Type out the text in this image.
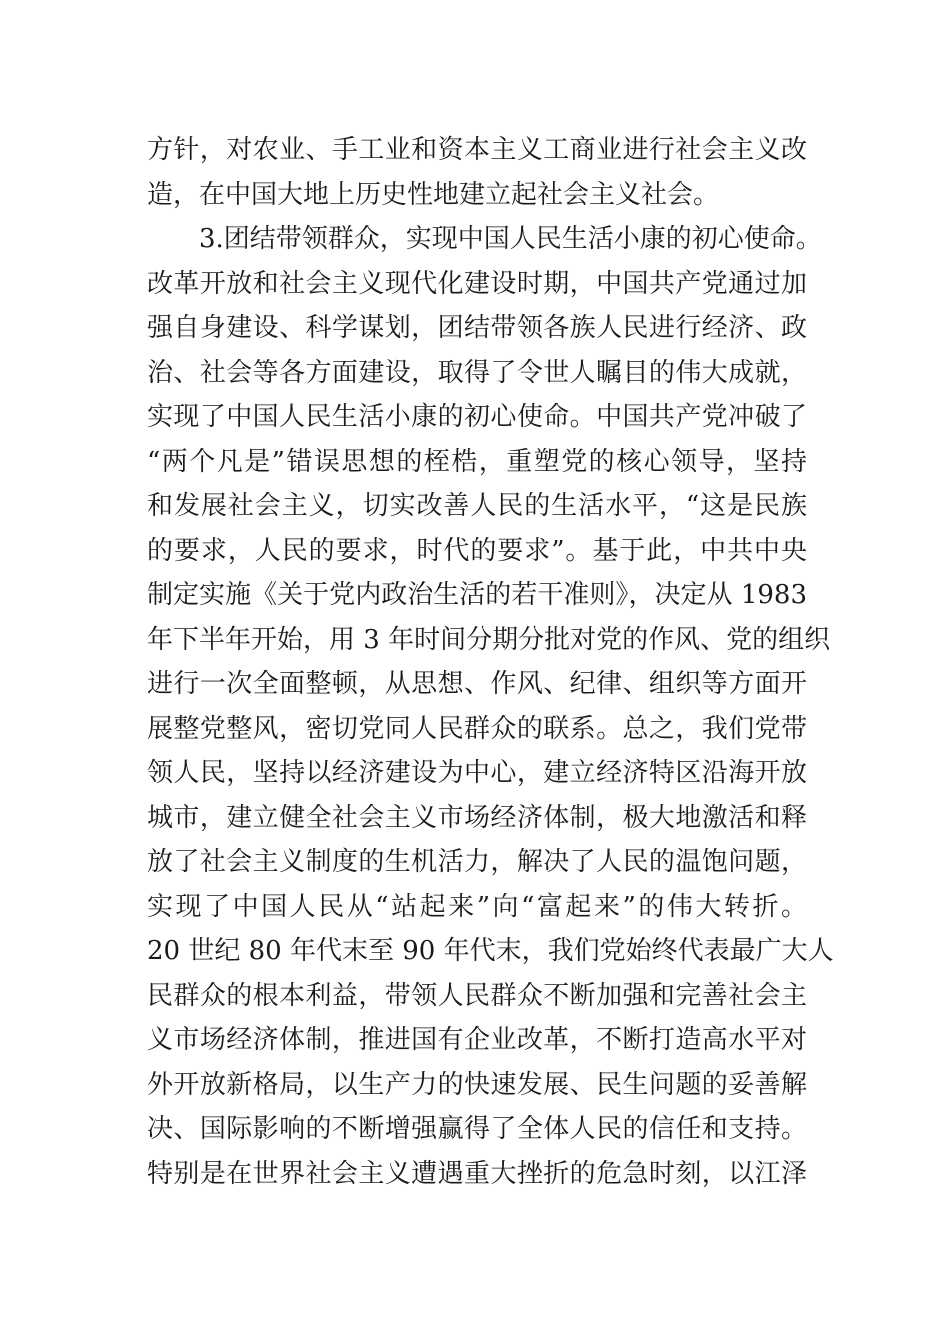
方针，对农业、手工业和资本主义工商业进行社会主义改
造，在中国大地上历史性地建立起社会主义社会。
3.团结带领群众，实现中国人民生活小康的初心使命。
改革开放和社会主义现代化建设时期，中国共产党通过加
强自身建设、科学谋划，团结带领各族人民进行经济、政
治、社会等各方面建设，取得了令世人瞩目的伟大成就，
实现了中国人民生活小康的初心使命。中国共产党冲破了
“两个凡是”错误思想的桎梏，重塑党的核心领导，坚持
和发展社会主义，切实改善人民的生活水平，“这是民族
的要求，人民的要求，时代的要求”。基于此，中共中央
制定实施《关于党内政治生活的若干准则》，决定从 1983
年下半年开始，用 3 年时间分期分批对党的作风、党的组织
进行一次全面整顿，从思想、作风、纪律、组织等方面开
展整党整风，密切党同人民群众的联系。总之，我们党带
领人民，坚持以经济建设为中心，建立经济特区沿海开放
城市，建立健全社会主义市场经济体制，极大地激活和释
放了社会主义制度的生机活力，解决了人民的温饱问题，
实现了中国人民从“站起来”向“富起来”的伟大转折。
20 世纪 80 年代末至 90 年代末，我们党始终代表最广大人
民群众的根本利益，带领人民群众不断加强和完善社会主
义市场经济体制，推进国有企业改革，不断打造高水平对
外开放新格局，以生产力的快速发展、民生问题的妥善解
决、国际影响的不断增强赢得了全体人民的信任和支持。
特别是在世界社会主义遭遇重大挫折的危急时刻，以江泽
